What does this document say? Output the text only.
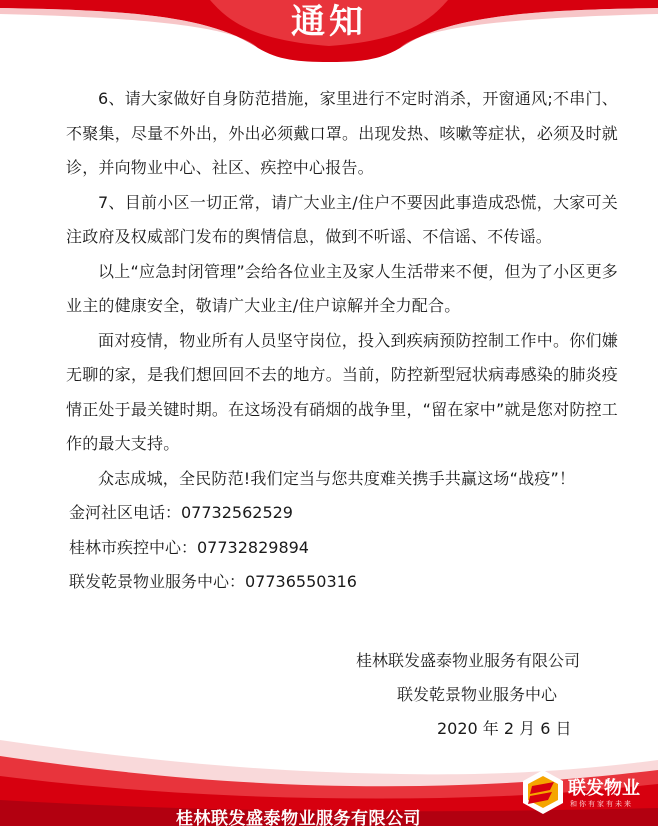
通知

6、请大家做好自身防范措施，家里进行不定时消杀，开窗通风;不串门、不聚集，尽量不外出，外出必须戴口罩。出现发热、咳嗽等症状，必须及时就诊，并向物业中心、社区、疾控中心报告。

7、目前小区一切正常，请广大业主/住户不要因此事造成恐慌，大家可关注政府及权威部门发布的舆情信息，做到不听谣、不信谣、不传谣。

以上“应急封闭管理”会给各位业主及家人生活带来不便，但为了小区更多业主的健康安全，敬请广大业主/住户谅解并全力配合。

面对疫情，物业所有人员坚守岗位，投入到疾病预防控制工作中。你们嫌无聊的家，是我们想回回不去的地方。当前，防控新型冠状病毒感染的肺炎疫情正处于最关键时期。在这场没有硝烟的战争里，“留在家中”就是您对防控工作的最大支持。

众志成城，全民防范!我们定当与您共度难关携手共赢这场“战疫”！

金河社区电话：07732562529

桂林市疾控中心：07732829894

联发乾景物业服务中心：07736550316

桂林联发盛泰物业服务有限公司
联发乾景物业服务中心
2020 年 2 月 6 日
桂林联发盛泰物业服务有限公司
联发物业
和你有家有未来
